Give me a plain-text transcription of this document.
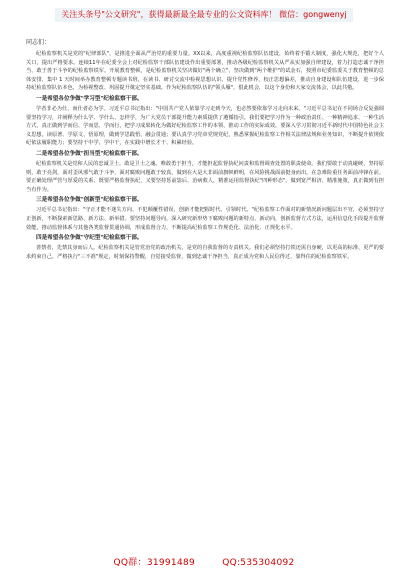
关注头条号"公文研究"，获得最新最全最专业的公文资料库！ 微信：gongwenyj

同志们：

纪检监察机关是党的"纪律部队"，是推进全面从严治党的重要力量。XX以来，高度重视纪检监察队伍建设，始终着手锻大制度，强化大规范，把好个人关口，提出严格要求。连续11年在纪委全会上对纪检监察干部队伍建设作出重要部署，推动各级纪检监察机关从严从实加强自律建设，着力打造忠诚干净担当、敢于善于斗争的纪检监察铁军。开展教育整顿，是纪检监察机关坚决做好"两个确立"、坚决做到"两个维护"的试金石，按照市纪委监委关于教育整顿的总体安排，集中 1 天时间举办教育整顿专题读书班，在读书、研讨交流中检视思想认识、提升党性修养，校正思想偏差，推动自身建设和队伍建设，进一步保持纪检监察队伍本色，为检视整改、巩固提升奠定坚实基础。作为纪检监察队伍的"领头雁"，借此机会，以这个身份和大家交流体会，以此共勉。

一是希望各位争做"学习型"纪检监察干部。

学者非必为仕，而仕者必为学。习近平总书记指出："中国共产党人依靠学习走到今天，也必然要依靠学习走向未来。"习近平总书记在不同场合反复强调要坚持学习，并阐释为什么学、学什么、怎样学，为广大党员干部提升能力素质提供了遵循指引。我们要把学习作为一种政治责任、一种精神追求、一种生活方式，真正做到学而信、学而思、学而行，把学习成果转化为做好纪检监察工作的本领、推动工作的实际成效。要深入学习贯彻习近平新时代中国特色社会主义思想，读原著、学原文、悟原理，做到学思践悟、融会贯通；要认真学习党章党规党纪，熟悉掌握纪检监察工作相关法律法规和业务知识，不断提升依规依纪依法履职能力；要坚持干中学、学中干，在实践中增长才干、积累经验。

二是希望各位争做"担当型"纪检监察干部。

纪检监察机关是党和人民的忠诚卫士，敢是卫士之魂。唯敢勇于担当，才能担起监督执纪问责和监督调查处置的职责使命。我们要敢于动真碰硬，坚持原则，敢于亮剑，面对歪风邪气敢于斗争，面对腐败问题敢于较真，做到在大是大非面前旗帜鲜明，在风险挑战面前挺身而出，在急难险重任务面前冲锋在前。要正确处理严管与厚爱的关系，既要严格监督执纪，又要坚持惩前毖后、治病救人，精准运用监督执纪"四种形态"，做到宽严相济、精准施策，真正做到有担当有作为。

三是希望各位争做"创新型"纪检监察干部。

习近平总书记指出："守正才能不迷失方向、不犯颠覆性错误，创新才能把握时代、引领时代。"纪检监察工作面对的新情况新问题层出不穷，必须坚持守正创新，不断探索新思路、新方法、新举措。要坚持问题导向，深入研究新形势下腐败问题的新特点、新动向，创新监督方式方法，运用信息化手段提升监督效能，推动监督体系与其他各类监督贯通协调，形成监督合力，不断提高纪检监察工作规范化、法治化、正规化水平。

四是希望各位争做"守纪型"纪检监察干部。

善禁者，先禁其身而后人。纪检监察机关是管党治党的政治机关，是党的自我监督的专责机关。我们必须坚持打铁还需自身硬，以更高的标准、更严的要求约束自己，严格执行"三不准"规定，时刻保持警醒，自觉接受监督，做到忠诚干净担当，真正成为党和人民信得过、靠得住的纪检监察铁军。

QQ群：31991489	QQ:535304092
